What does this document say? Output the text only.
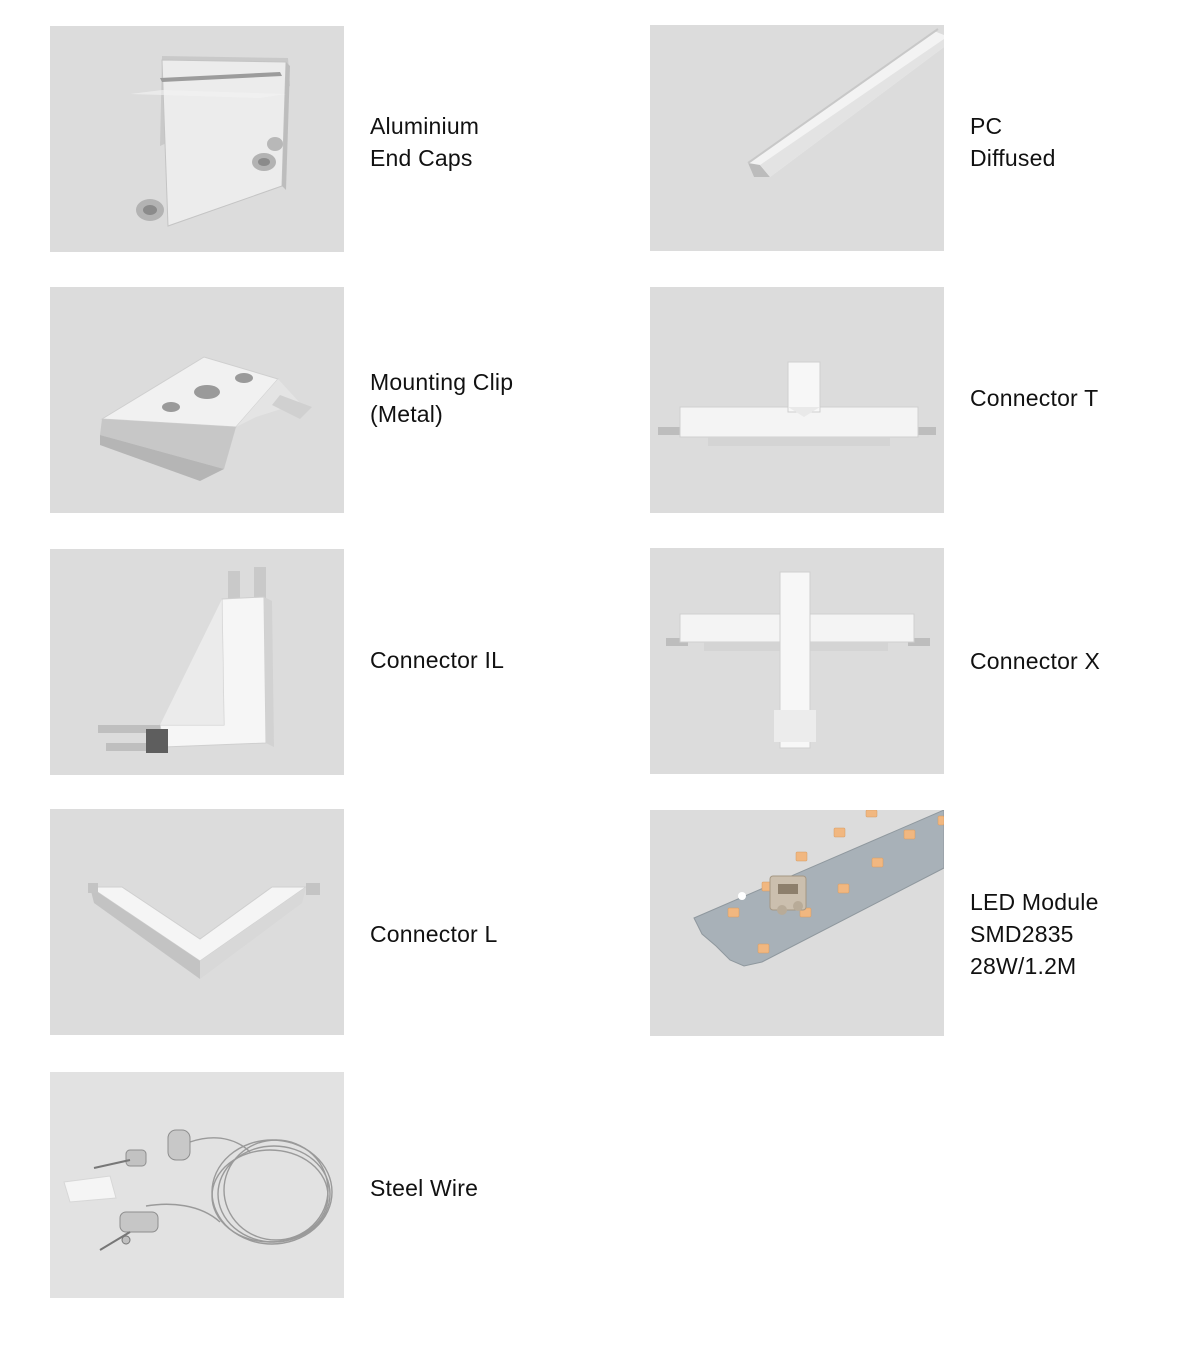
Aluminium
End Caps
PC
Diffused
Mounting Clip
(Metal)
Connector T
Connector IL	Connector X
Connector L
LED Module
SMD2835
28W/1.2M
Steel Wire
